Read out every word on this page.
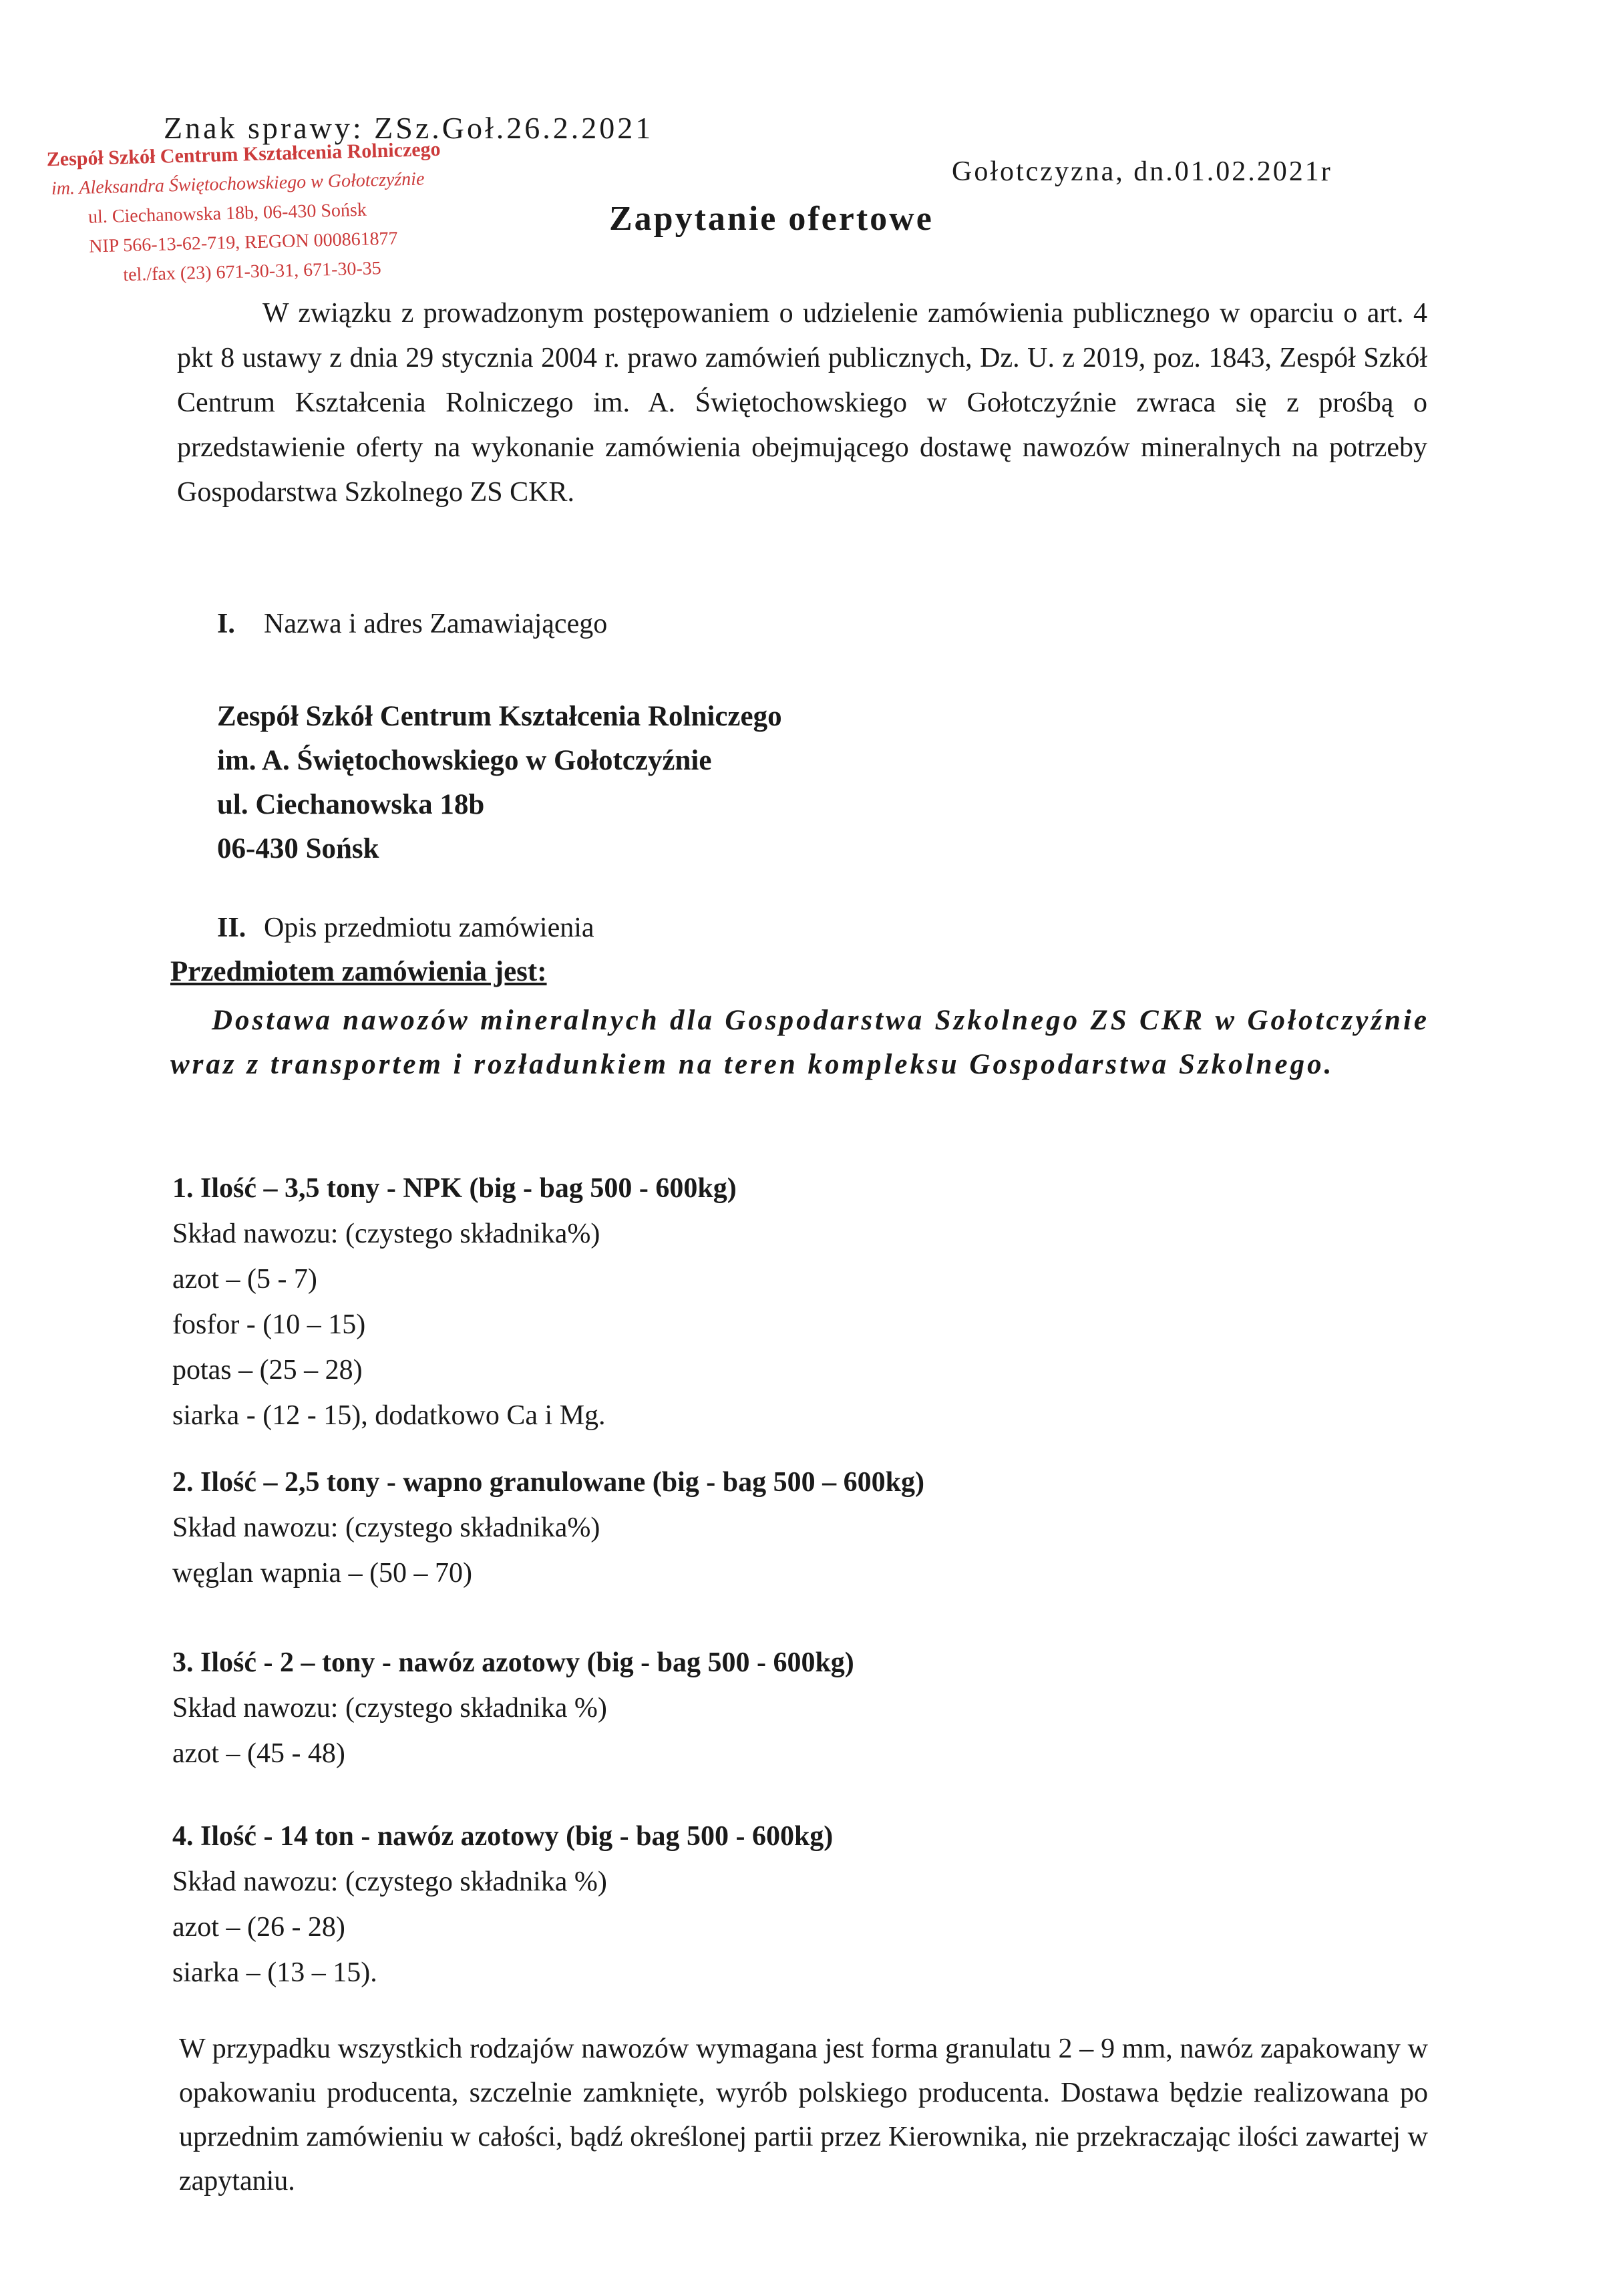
Znak sprawy: ZSz.Goł.26.2.2021
Zespół Szkół Centrum Kształcenia Rolniczego
im. Aleksandra Świętochowskiego w Gołotczyźnie
ul. Ciechanowska 18b, 06-430 Sońsk
NIP 566-13-62-719, REGON 000861877
tel./fax (23) 671-30-31, 671-30-35
Gołotczyzna, dn.01.02.2021r
Zapytanie ofertowe
W związku z prowadzonym postępowaniem o udzielenie zamówienia publicznego w oparciu o art. 4 pkt 8 ustawy z dnia 29 stycznia 2004 r. prawo zamówień publicznych, Dz. U. z 2019, poz. 1843, Zespół Szkół Centrum Kształcenia Rolniczego im. A. Świętochowskiego w Gołotczyźnie zwraca się z prośbą o przedstawienie oferty na wykonanie zamówienia obejmującego dostawę nawozów mineralnych na potrzeby Gospodarstwa Szkolnego ZS CKR.
I. Nazwa i adres Zamawiającego
Zespół Szkół Centrum Kształcenia Rolniczego
im. A. Świętochowskiego w Gołotczyźnie
ul. Ciechanowska 18b
06-430 Sońsk
II. Opis przedmiotu zamówienia
Przedmiotem zamówienia jest:
Dostawa nawozów mineralnych dla Gospodarstwa Szkolnego ZS CKR w Gołotczyźnie wraz z transportem i rozładunkiem na teren kompleksu Gospodarstwa Szkolnego.
1. Ilość – 3,5 tony - NPK (big - bag 500 - 600kg)
Skład nawozu: (czystego składnika%)
azot – (5 - 7)
fosfor - (10 – 15)
potas – (25 – 28)
siarka - (12 - 15), dodatkowo Ca i Mg.
2. Ilość – 2,5 tony - wapno granulowane (big - bag 500 – 600kg)
Skład nawozu: (czystego składnika%)
węglan wapnia – (50 – 70)
3. Ilość - 2 – tony - nawóz azotowy (big - bag 500 - 600kg)
Skład nawozu: (czystego składnika %)
azot – (45 - 48)
4. Ilość - 14 ton - nawóz azotowy (big - bag 500 - 600kg)
Skład nawozu: (czystego składnika %)
azot – (26 - 28)
siarka – (13 – 15).
W przypadku wszystkich rodzajów nawozów wymagana jest forma granulatu 2 – 9 mm, nawóz zapakowany w opakowaniu producenta, szczelnie zamknięte, wyrób polskiego producenta. Dostawa będzie realizowana po uprzednim zamówieniu w całości, bądź określonej partii przez Kierownika, nie przekraczając ilości zawartej w zapytaniu.
